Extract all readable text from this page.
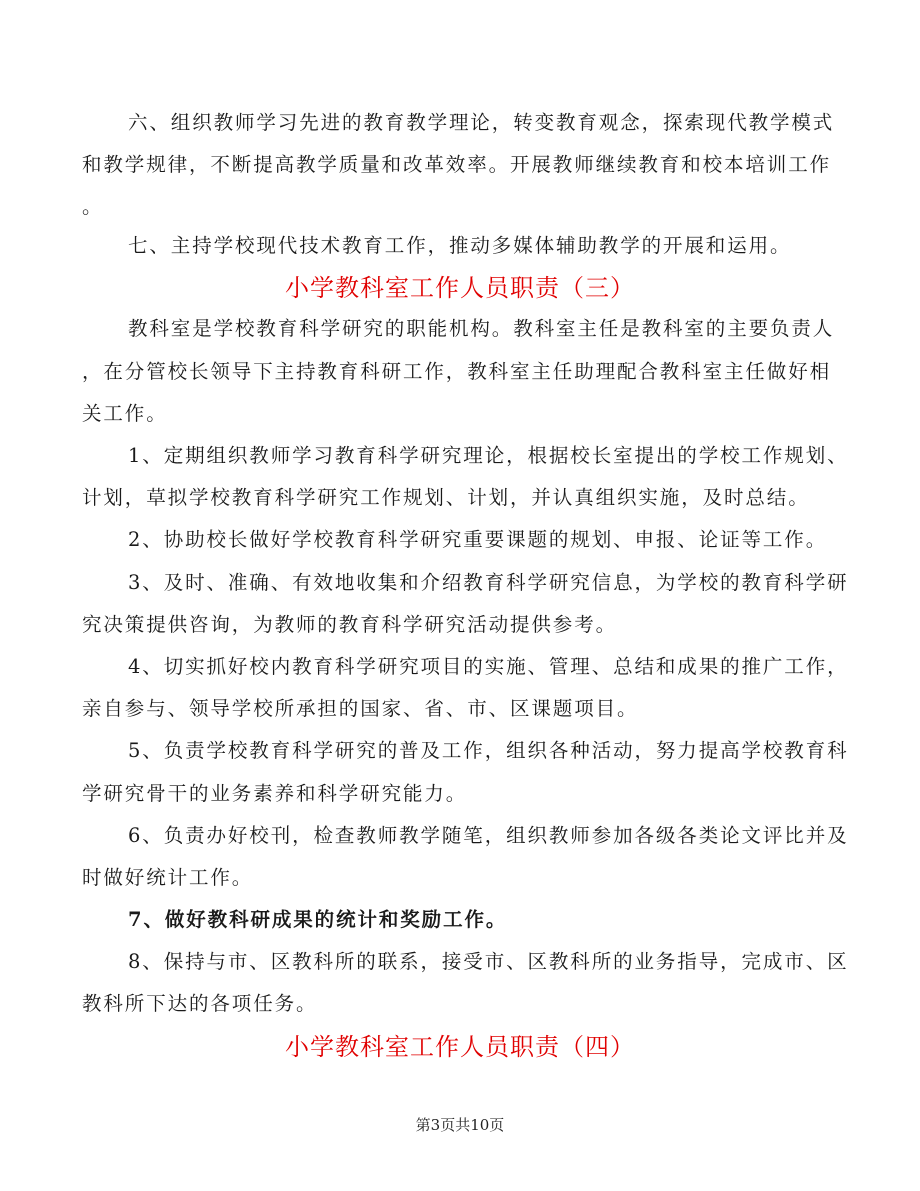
六、组织教师学习先进的教育教学理论，转变教育观念，探索现代教学模式
和教学规律，不断提高教学质量和改革效率。开展教师继续教育和校本培训工作
。
七、主持学校现代技术教育工作，推动多媒体辅助教学的开展和运用。
小学教科室工作人员职责（三）
教科室是学校教育科学研究的职能机构。教科室主任是教科室的主要负责人
，在分管校长领导下主持教育科研工作，教科室主任助理配合教科室主任做好相
关工作。
1、定期组织教师学习教育科学研究理论，根据校长室提出的学校工作规划、
计划，草拟学校教育科学研究工作规划、计划，并认真组织实施，及时总结。
2、协助校长做好学校教育科学研究重要课题的规划、申报、论证等工作。
3、及时、准确、有效地收集和介绍教育科学研究信息，为学校的教育科学研
究决策提供咨询，为教师的教育科学研究活动提供参考。
4、切实抓好校内教育科学研究项目的实施、管理、总结和成果的推广工作，
亲自参与、领导学校所承担的国家、省、市、区课题项目。
5、负责学校教育科学研究的普及工作，组织各种活动，努力提高学校教育科
学研究骨干的业务素养和科学研究能力。
6、负责办好校刊，检查教师教学随笔，组织教师参加各级各类论文评比并及
时做好统计工作。
7、做好教科研成果的统计和奖励工作。
8、保持与市、区教科所的联系，接受市、区教科所的业务指导，完成市、区
教科所下达的各项任务。
小学教科室工作人员职责（四）
第3页共10页
